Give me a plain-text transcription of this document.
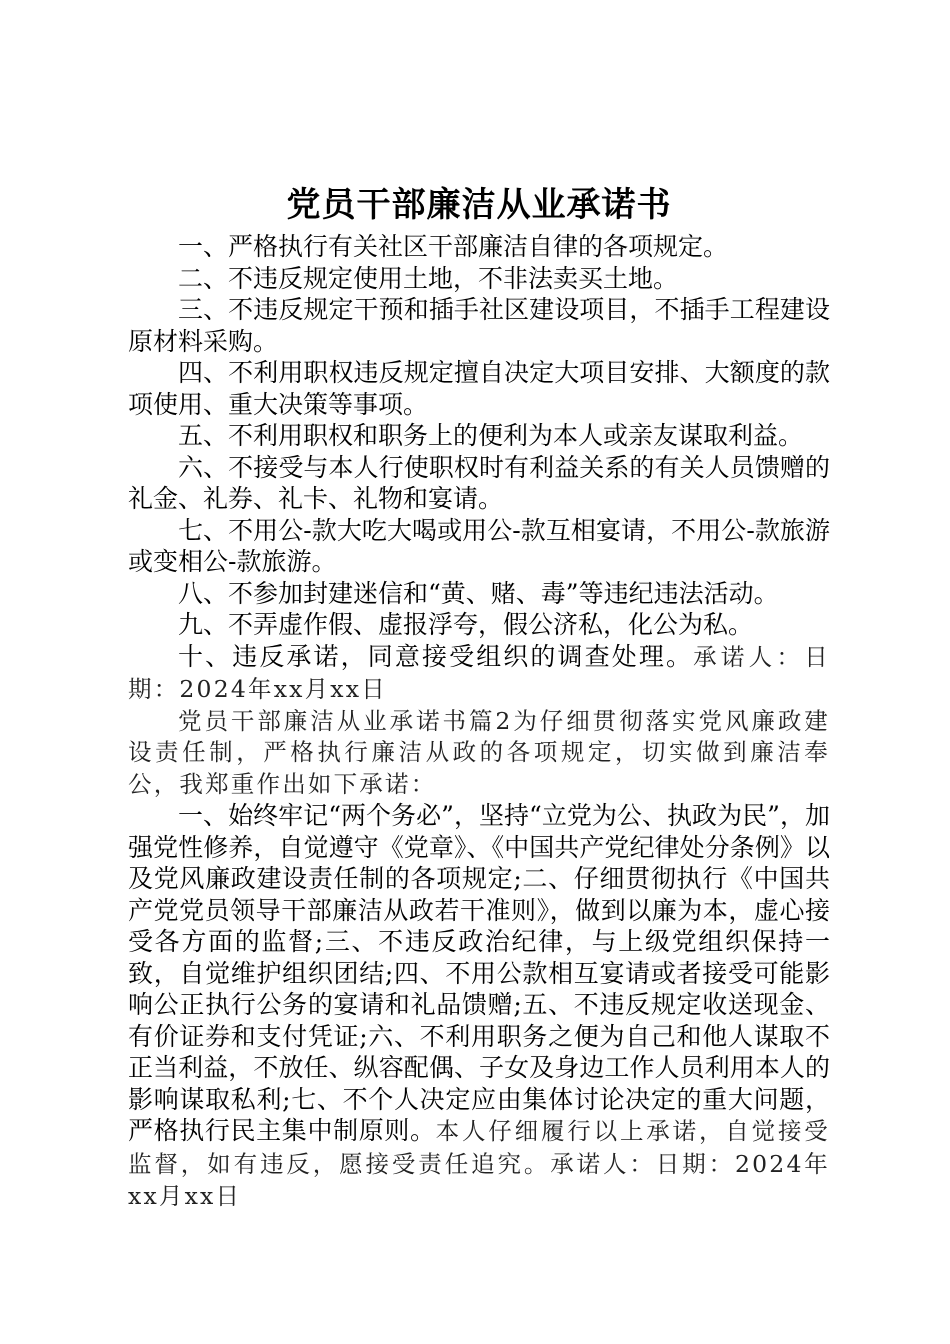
党员干部廉洁从业承诺书

一、严格执行有关社区干部廉洁自律的各项规定。

二、不违反规定使用土地，不非法卖买土地。

三、不违反规定干预和插手社区建设项目，不插手工程建设原材料采购。

四、不利用职权违反规定擅自决定大项目安排、大额度的款项使用、重大决策等事项。

五、不利用职权和职务上的便利为本人或亲友谋取利益。

六、不接受与本人行使职权时有利益关系的有关人员馈赠的礼金、礼券、礼卡、礼物和宴请。

七、不用公-款大吃大喝或用公-款互相宴请，不用公-款旅游或变相公-款旅游。

八、不参加封建迷信和“黄、赌、毒”等违纪违法活动。

九、不弄虚作假、虚报浮夸，假公济私，化公为私。

十、违反承诺，同意接受组织的调查处理。承诺人：日期：2024年xx月xx日

党员干部廉洁从业承诺书篇2为仔细贯彻落实党风廉政建设责任制，严格执行廉洁从政的各项规定，切实做到廉洁奉公，我郑重作出如下承诺：

一、始终牢记“两个务必”，坚持“立党为公、执政为民”，加强党性修养，自觉遵守《党章》、《中国共产党纪律处分条例》以及党风廉政建设责任制的各项规定;二、仔细贯彻执行《中国共产党党员领导干部廉洁从政若干准则》，做到以廉为本，虚心接受各方面的监督;三、不违反政治纪律，与上级党组织保持一致，自觉维护组织团结;四、不用公款相互宴请或者接受可能影响公正执行公务的宴请和礼品馈赠;五、不违反规定收送现金、有价证券和支付凭证;六、不利用职务之便为自己和他人谋取不正当利益，不放任、纵容配偶、子女及身边工作人员利用本人的影响谋取私利;七、不个人决定应由集体讨论决定的重大问题，严格执行民主集中制原则。本人仔细履行以上承诺，自觉接受监督，如有违反，愿接受责任追究。承诺人：日期：2024年xx月xx日
